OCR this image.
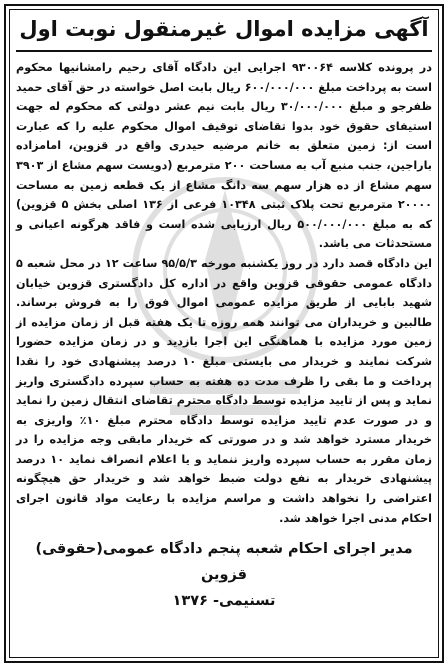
آگهی مزایده اموال غیرمنقول نوبت اول

در پرونده کلاسه ۹۳۰۰۶۴ اجرایی این دادگاه آقای رحیم رامشانیها محکوم است به پرداخت مبلغ ۶۰۰/۰۰۰/۰۰۰ ریال بابت اصل خواسته در حق آقای حمید ظفرجو و مبلغ ۳۰/۰۰۰/۰۰۰ ریال بابت نیم عشر دولتی که محکوم له جهت استیفای حقوق خود بدوا تقاضای توقیف اموال محکوم علیه را که عبارت است از: زمین متعلق به خانم مرضیه حیدری واقع در قزوین، امامزاده باراجین، جنب منبع آب به مساحت ۲۰۰ مترمربع (دویست سهم مشاع از ۳۹۰۳ سهم مشاع از ده هزار سهم سه دانگ مشاع از یک قطعه زمین به مساحت ۲۰۰۰۰ مترمربع تحت پلاک ثبتی ۱۰۳۴۸ فرعی از ۱۳۶ اصلی بخش ۵ قزوین) که به مبلغ ۵۰۰/۰۰۰/۰۰۰ ریال ارزیابی شده است و فاقد هرگونه اعیانی و مستحدثات می باشد.

این دادگاه قصد دارد در روز یکشنبه مورخه ۹۵/۵/۳ ساعت ۱۲ در محل شعبه ۵ دادگاه عمومی حقوقی قزوین واقع در اداره کل دادگستری قزوین خیابان شهید بابایی از طریق مزایده عمومی اموال فوق را به فروش برساند. طالبین و خریداران می توانند همه روزه تا یک هفته قبل از زمان مزایده از زمین مورد مزایده با هماهنگی این اجرا بازدید و در زمان مزایده حضورا شرکت نمایند و خریدار می بایستی مبلغ ۱۰ درصد پیشنهادی خود را نقدا پرداخت و ما بقی را ظرف مدت ده هفته به حساب سپرده دادگستری واریز نماید و پس از تایید مزایده توسط دادگاه محترم تقاضای انتقال زمین را نماید و در صورت عدم تایید مزایده توسط دادگاه محترم مبلغ ۱۰٪ واریزی به خریدار مسترد خواهد شد و در صورتی که خریدار مابقی وجه مزایده را در زمان مقرر به حساب سپرده واریز ننماید و یا اعلام انصراف نماید ۱۰ درصد پیشنهادی خریدار به نفع دولت ضبط خواهد شد و خریدار حق هیچگونه اعتراضی را نخواهد داشت و مراسم مزایده با رعایت مواد قانون اجرای احکام مدنی اجرا خواهد شد.

مدیر اجرای احکام شعبه پنجم دادگاه عمومی(حقوقی) قزوین
تسنیمی- ۱۳۷۶
